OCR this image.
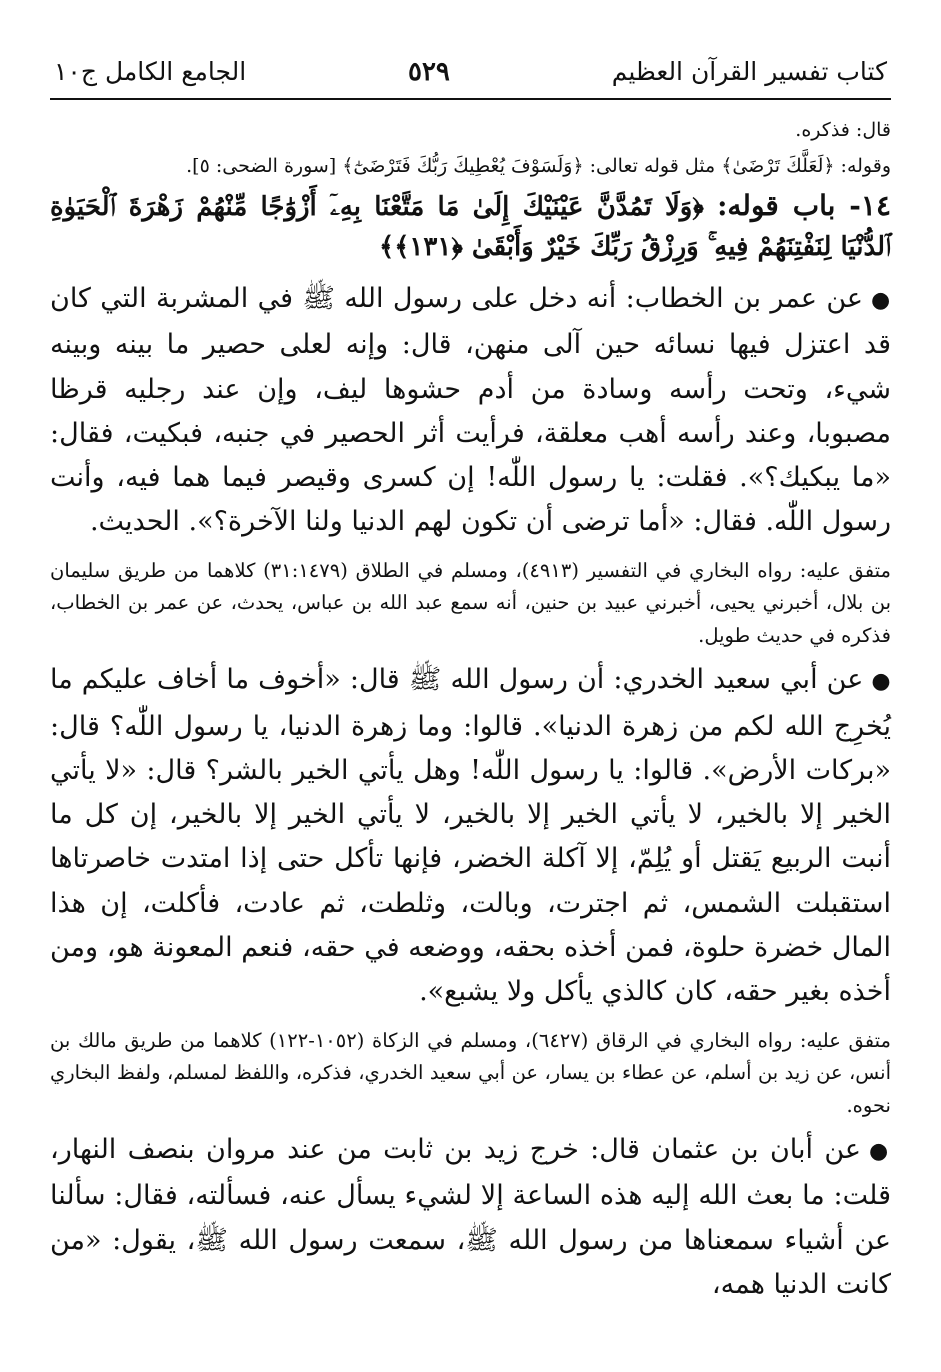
كتاب تفسير القرآن العظيم
٥٢٩
الجامع الكامل ج١٠

قال: فذكره.

وقوله: ﴿لَعَلَّكَ تَرْضَىٰ﴾ مثل قوله تعالى: ﴿وَلَسَوْفَ يُعْطِيكَ رَبُّكَ فَتَرْضَىٰٓ﴾ [سورة الضحى: ٥].

١٤- باب قوله: ﴿وَلَا تَمُدَّنَّ عَيْنَيْكَ إِلَىٰ مَا مَتَّعْنَا بِهِۦٓ أَزْوَٰجًا مِّنْهُمْ زَهْرَةَ ٱلْحَيَوٰةِ ٱلدُّنْيَا لِنَفْتِنَهُمْ فِيهِ ۚ وَرِزْقُ رَبِّكَ خَيْرٌ وَأَبْقَىٰ ﴿١٣١﴾﴾

●عن عمر بن الخطاب: أنه دخل على رسول الله ﷺ في المشربة التي كان قد اعتزل فيها نسائه حين آلى منهن، قال: وإنه لعلى حصير ما بينه وبينه شيء، وتحت رأسه وسادة من أدم حشوها ليف، وإن عند رجليه قرظا مصبوبا، وعند رأسه أهب معلقة، فرأيت أثر الحصير في جنبه، فبكيت، فقال: «ما يبكيك؟». فقلت: يا رسول اللّٰه! إن كسرى وقيصر فيما هما فيه، وأنت رسول اللّٰه. فقال: «أما ترضى أن تكون لهم الدنيا ولنا الآخرة؟». الحديث.

متفق عليه: رواه البخاري في التفسير (٤٩١٣)، ومسلم في الطلاق (٣١:١٤٧٩) كلاهما من طريق سليمان بن بلال، أخبرني يحيى، أخبرني عبيد بن حنين، أنه سمع عبد الله بن عباس، يحدث، عن عمر بن الخطاب، فذكره في حديث طويل.

●عن أبي سعيد الخدري: أن رسول الله ﷺ قال: «أخوف ما أخاف عليكم ما يُخرِج الله لكم من زهرة الدنيا». قالوا: وما زهرة الدنيا، يا رسول اللّٰه؟ قال: «بركات الأرض». قالوا: يا رسول اللّٰه! وهل يأتي الخير بالشر؟ قال: «لا يأتي الخير إلا بالخير، لا يأتي الخير إلا بالخير، لا يأتي الخير إلا بالخير، إن كل ما أنبت الربيع يَقتل أو يُلِمّ، إلا آكلة الخضر، فإنها تأكل حتى إذا امتدت خاصرتاها استقبلت الشمس، ثم اجترت، وبالت، وثلطت، ثم عادت، فأكلت، إن هذا المال خضرة حلوة، فمن أخذه بحقه، ووضعه في حقه، فنعم المعونة هو، ومن أخذه بغير حقه، كان كالذي يأكل ولا يشبع».

متفق عليه: رواه البخاري في الرقاق (٦٤٢٧)، ومسلم في الزكاة (١٠٥٢-١٢٢) كلاهما من طريق مالك بن أنس، عن زيد بن أسلم، عن عطاء بن يسار، عن أبي سعيد الخدري، فذكره، واللفظ لمسلم، ولفظ البخاري نحوه.

●عن أبان بن عثمان قال: خرج زيد بن ثابت من عند مروان بنصف النهار، قلت: ما بعث الله إليه هذه الساعة إلا لشيء يسأل عنه، فسألته، فقال: سألنا عن أشياء سمعناها من رسول الله ﷺ، سمعت رسول الله ﷺ، يقول: «من كانت الدنيا همه،
